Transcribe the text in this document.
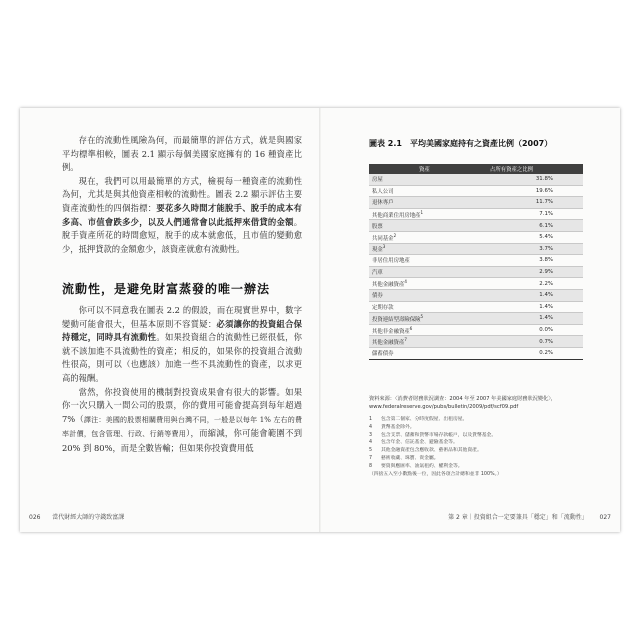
存在的流動性風險為何，而最簡單的評估方式，就是與國家平均標準相較，圖表 2.1 顯示每個美國家庭擁有的 16 種資產比例。

現在，我們可以用最簡單的方式，檢視每一種資產的流動性為何，尤其是與其他資產相較的流動性。圖表 2.2 顯示評估主要資產流動性的四個指標：要花多久時間才能脫手、脫手的成本有多高、市值會跌多少，以及人們通常會以此抵押來借貸的金額。脫手資產所花的時間愈短，脫手的成本就愈低，且市值的變動愈少，抵押貸款的金額愈少，該資產就愈有流動性。

流動性，是避免財富蒸發的唯一辦法

你可以不同意我在圖表 2.2 的假設，而在現實世界中，數字變動可能會很大，但基本原則不容質疑：必須讓你的投資組合保持穩定，同時具有流動性。如果投資組合的流動性已經很低，你就不該加進不具流動性的資產；相反的，如果你的投資組合流動性很高，則可以（也應該）加進一些不具流動性的資產，以求更高的報酬。

當然，你投資使用的機制對投資成果會有很大的影響。如果你一次只購入一間公司的股票，你的費用可能會提高到每年超過 7%（譯注：美國的股票相關費用與台灣不同，一般是以每年 1% 左右的費率計價，包含管理、行政、行銷等費用），而縮減，你可能會範圍不到 20% 到 80%，而是全數皆輸；但如果你投資費用低

026 當代財經大師的守錢致富課
圖表 2.1 平均美國家庭持有之資產比例（2007）
資產	占所有資產之比例
房屋	31.8%
私人公司	19.6%
退休專戶	11.7%
其他商業住用房地產$^1$	7.1%
股票	6.1%
共同基金$^2$	5.4%
現金$^3$	3.7%
非居住用房地產	3.8%
汽車	2.9%
其他金融資產$^4$	2.2%
債券	1.4%
定期存款	1.4%
投資連結型壽險保險$^5$	1.4%
其他非金融資產$^6$	0.0%
其他金融資產$^7$	0.7%
儲蓄債券	0.2%
資料來源：〈消費者財務狀況調查：2004 年至 2007 年美國家庭財務狀況變化〉，www.federalreserve.gov/pubs/bulletin/2009/pdf/scf09.pdf
1	包含第二個家、分時度假屋、出租房屋。
4	貨幣基金除外。
3	包含支票、儲蓄和貨幣市場存款帳戶，以及貨幣基金。
4	包含年金、信託基金、避險基金等。
5	其他金融資產包含應收款、藝術品和其他資產。
7	藝術收藏、珠寶、貴金屬。
8	要資與應匯率、油氣租約、權利金等。
（四捨五入至小數點後一位，因此各項合計總和並非 100%。）
第 2 章｜投資組合一定要兼具「穩定」和「流動性」 027
